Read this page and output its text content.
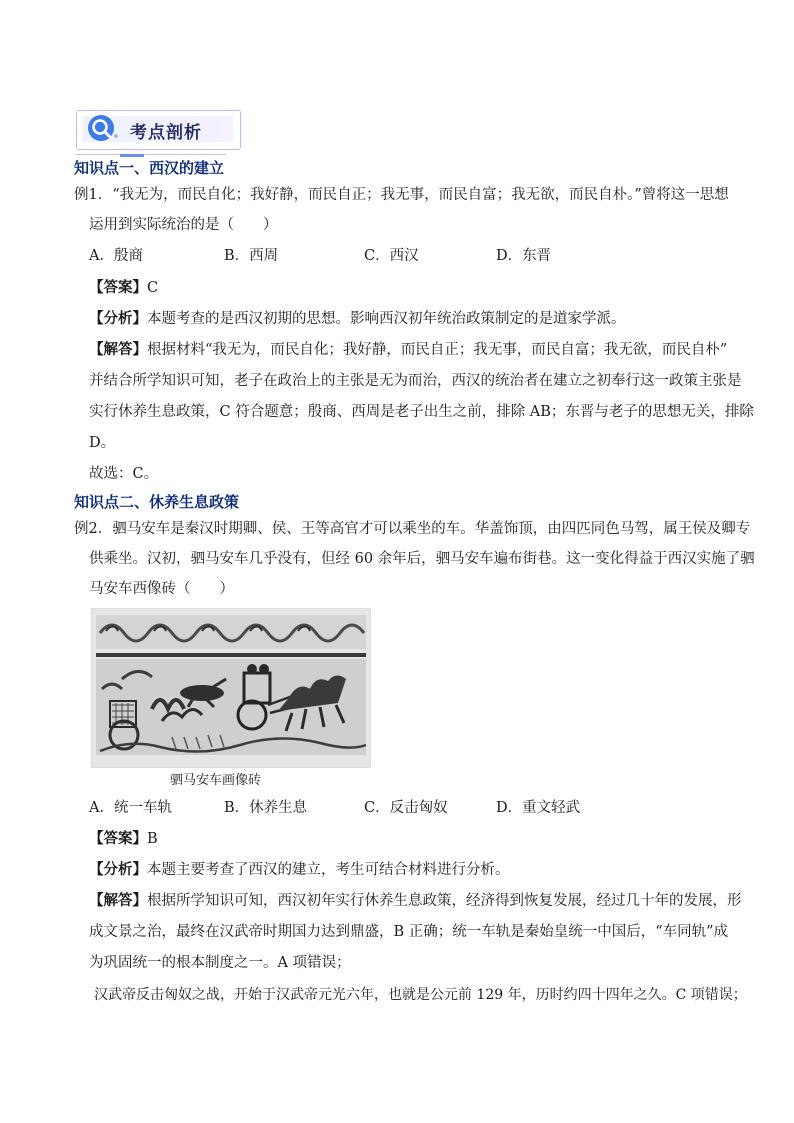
考点剖析
知识点一、西汉的建立
例1．“我无为，而民自化；我好静，而民自正；我无事，而民自富；我无欲，而民自朴。”曾将这一思想
运用到实际统治的是（　　）
A．殷商	B．西周	C．西汉	D．东晋
【答案】C
【分析】本题考查的是西汉初期的思想。影响西汉初年统治政策制定的是道家学派。
【解答】根据材料“我无为，而民自化；我好静，而民自正；我无事，而民自富；我无欲，而民自朴”
并结合所学知识可知，老子在政治上的主张是无为而治，西汉的统治者在建立之初奉行这一政策主张是
实行休养生息政策，C 符合题意；殷商、西周是老子出生之前，排除 AB；东晋与老子的思想无关，排除
D。
故选：C。
知识点二、休养生息政策
例2．驷马安车是秦汉时期卿、侯、王等高官才可以乘坐的车。华盖饰顶，由四匹同色马驾，属王侯及卿专
供乘坐。汉初，驷马安车几乎没有，但经 60 余年后，驷马安车遍布街巷。这一变化得益于西汉实施了驷
马安车西像砖（　　）
驷马安车画像砖
A．统一车轨	B．休养生息	C．反击匈奴	D．重文轻武
【答案】B
【分析】本题主要考查了西汉的建立，考生可结合材料进行分析。
【解答】根据所学知识可知，西汉初年实行休养生息政策，经济得到恢复发展，经过几十年的发展，形
成文景之治，最终在汉武帝时期国力达到鼎盛，B 正确；统一车轨是秦始皇统一中国后，“车同轨”成
为巩固统一的根本制度之一。A 项错误；
汉武帝反击匈奴之战，开始于汉武帝元光六年，也就是公元前 129 年，历时约四十四年之久。C 项错误；
